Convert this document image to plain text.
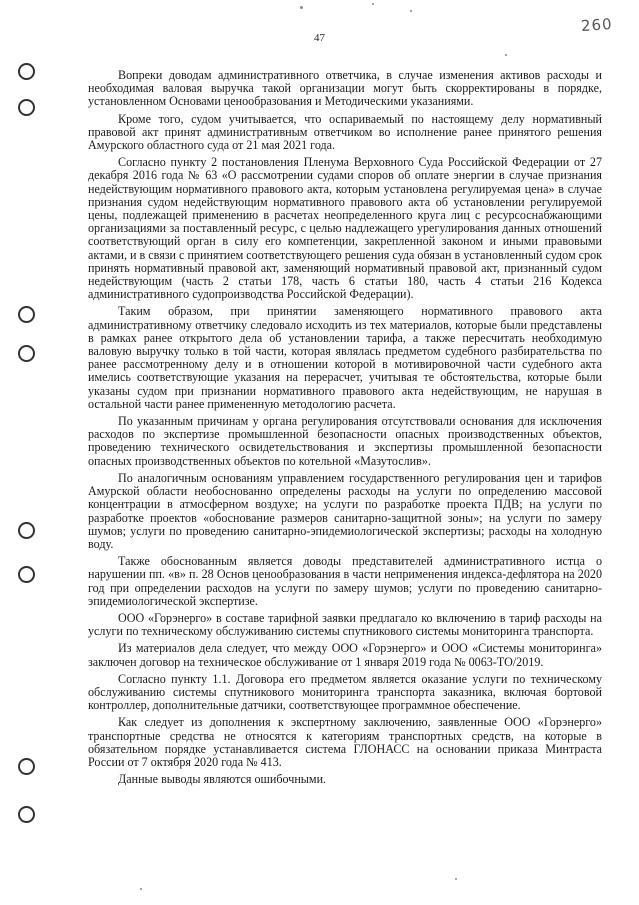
260
47

Вопреки доводам административного ответчика, в случае изменения активов расходы и необходимая валовая выручка такой организации могут быть скорректированы в порядке, установленном Основами ценообразования и Методическими указаниями.

Кроме того, судом учитывается, что оспариваемый по настоящему делу нормативный правовой акт принят административным ответчиком во исполнение ранее принятого решения Амурского областного суда от 21 мая 2021 года.

Согласно пункту 2 постановления Пленума Верховного Суда Российской Федерации от 27 декабря 2016 года № 63 «О рассмотрении судами споров об оплате энергии в случае признания недействующим нормативного правового акта, которым установлена регулируемая цена» в случае признания судом недействующим нормативного правового акта об установлении регулируемой цены, подлежащей применению в расчетах неопределенного круга лиц с ресурсоснабжающими организациями за поставленный ресурс, с целью надлежащего урегулирования данных отношений соответствующий орган в силу его компетенции, закрепленной законом и иными правовыми актами, и в связи с принятием соответствующего решения суда обязан в установленный судом срок принять нормативный правовой акт, заменяющий нормативный правовой акт, признанный судом недействующим (часть 2 статьи 178, часть 6 статьи 180, часть 4 статьи 216 Кодекса административного судопроизводства Российской Федерации).

Таким образом, при принятии заменяющего нормативного правового акта административному ответчику следовало исходить из тех материалов, которые были представлены в рамках ранее открытого дела об установлении тарифа, а также пересчитать необходимую валовую выручку только в той части, которая являлась предметом судебного разбирательства по ранее рассмотренному делу и в отношении которой в мотивировочной части судебного акта имелись соответствующие указания на перерасчет, учитывая те обстоятельства, которые были указаны судом при признании нормативного правового акта недействующим, не нарушая в остальной части ранее примененную методологию расчета.

По указанным причинам у органа регулирования отсутствовали основания для исключения расходов по экспертизе промышленной безопасности опасных производственных объектов, проведению технического освидетельствования и экспертизы промышленной безопасности опасных производственных объектов по котельной «Мазутослив».

По аналогичным основаниям управлением государственного регулирования цен и тарифов Амурской области необоснованно определены расходы на услуги по определению массовой концентрации в атмосферном воздухе; на услуги по разработке проекта ПДВ; на услуги по разработке проектов «обоснование размеров санитарно-защитной зоны»; на услуги по замеру шумов; услуги по проведению санитарно-эпидемиологической экспертизы; расходы на холодную воду.

Также обоснованным является доводы представителей административного истца о нарушении пп. «в» п. 28 Основ ценообразования в части неприменения индекса-дефлятора на 2020 год при определении расходов на услуги по замеру шумов; услуги по проведению санитарно-эпидемиологической экспертизе.

ООО «Горэнерго» в составе тарифной заявки предлагало ко включению в тариф расходы на услуги по техническому обслуживанию системы спутникового системы мониторинга транспорта.

Из материалов дела следует, что между ООО «Горэнерго» и ООО «Системы мониторинга» заключен договор на техническое обслуживание от 1 января 2019 года № 0063-ТО/2019.

Согласно пункту 1.1. Договора его предметом является оказание услуги по техническому обслуживанию системы спутникового мониторинга транспорта заказника, включая бортовой контроллер, дополнительные датчики, соответствующее программное обеспечение.

Как следует из дополнения к экспертному заключению, заявленные ООО «Горэнерго» транспортные средства не относятся к категориям транспортных средств, на которые в обязательном порядке устанавливается система ГЛОНАСС на основании приказа Минтраста России от 7 октября 2020 года № 413.

Данные выводы являются ошибочными.
